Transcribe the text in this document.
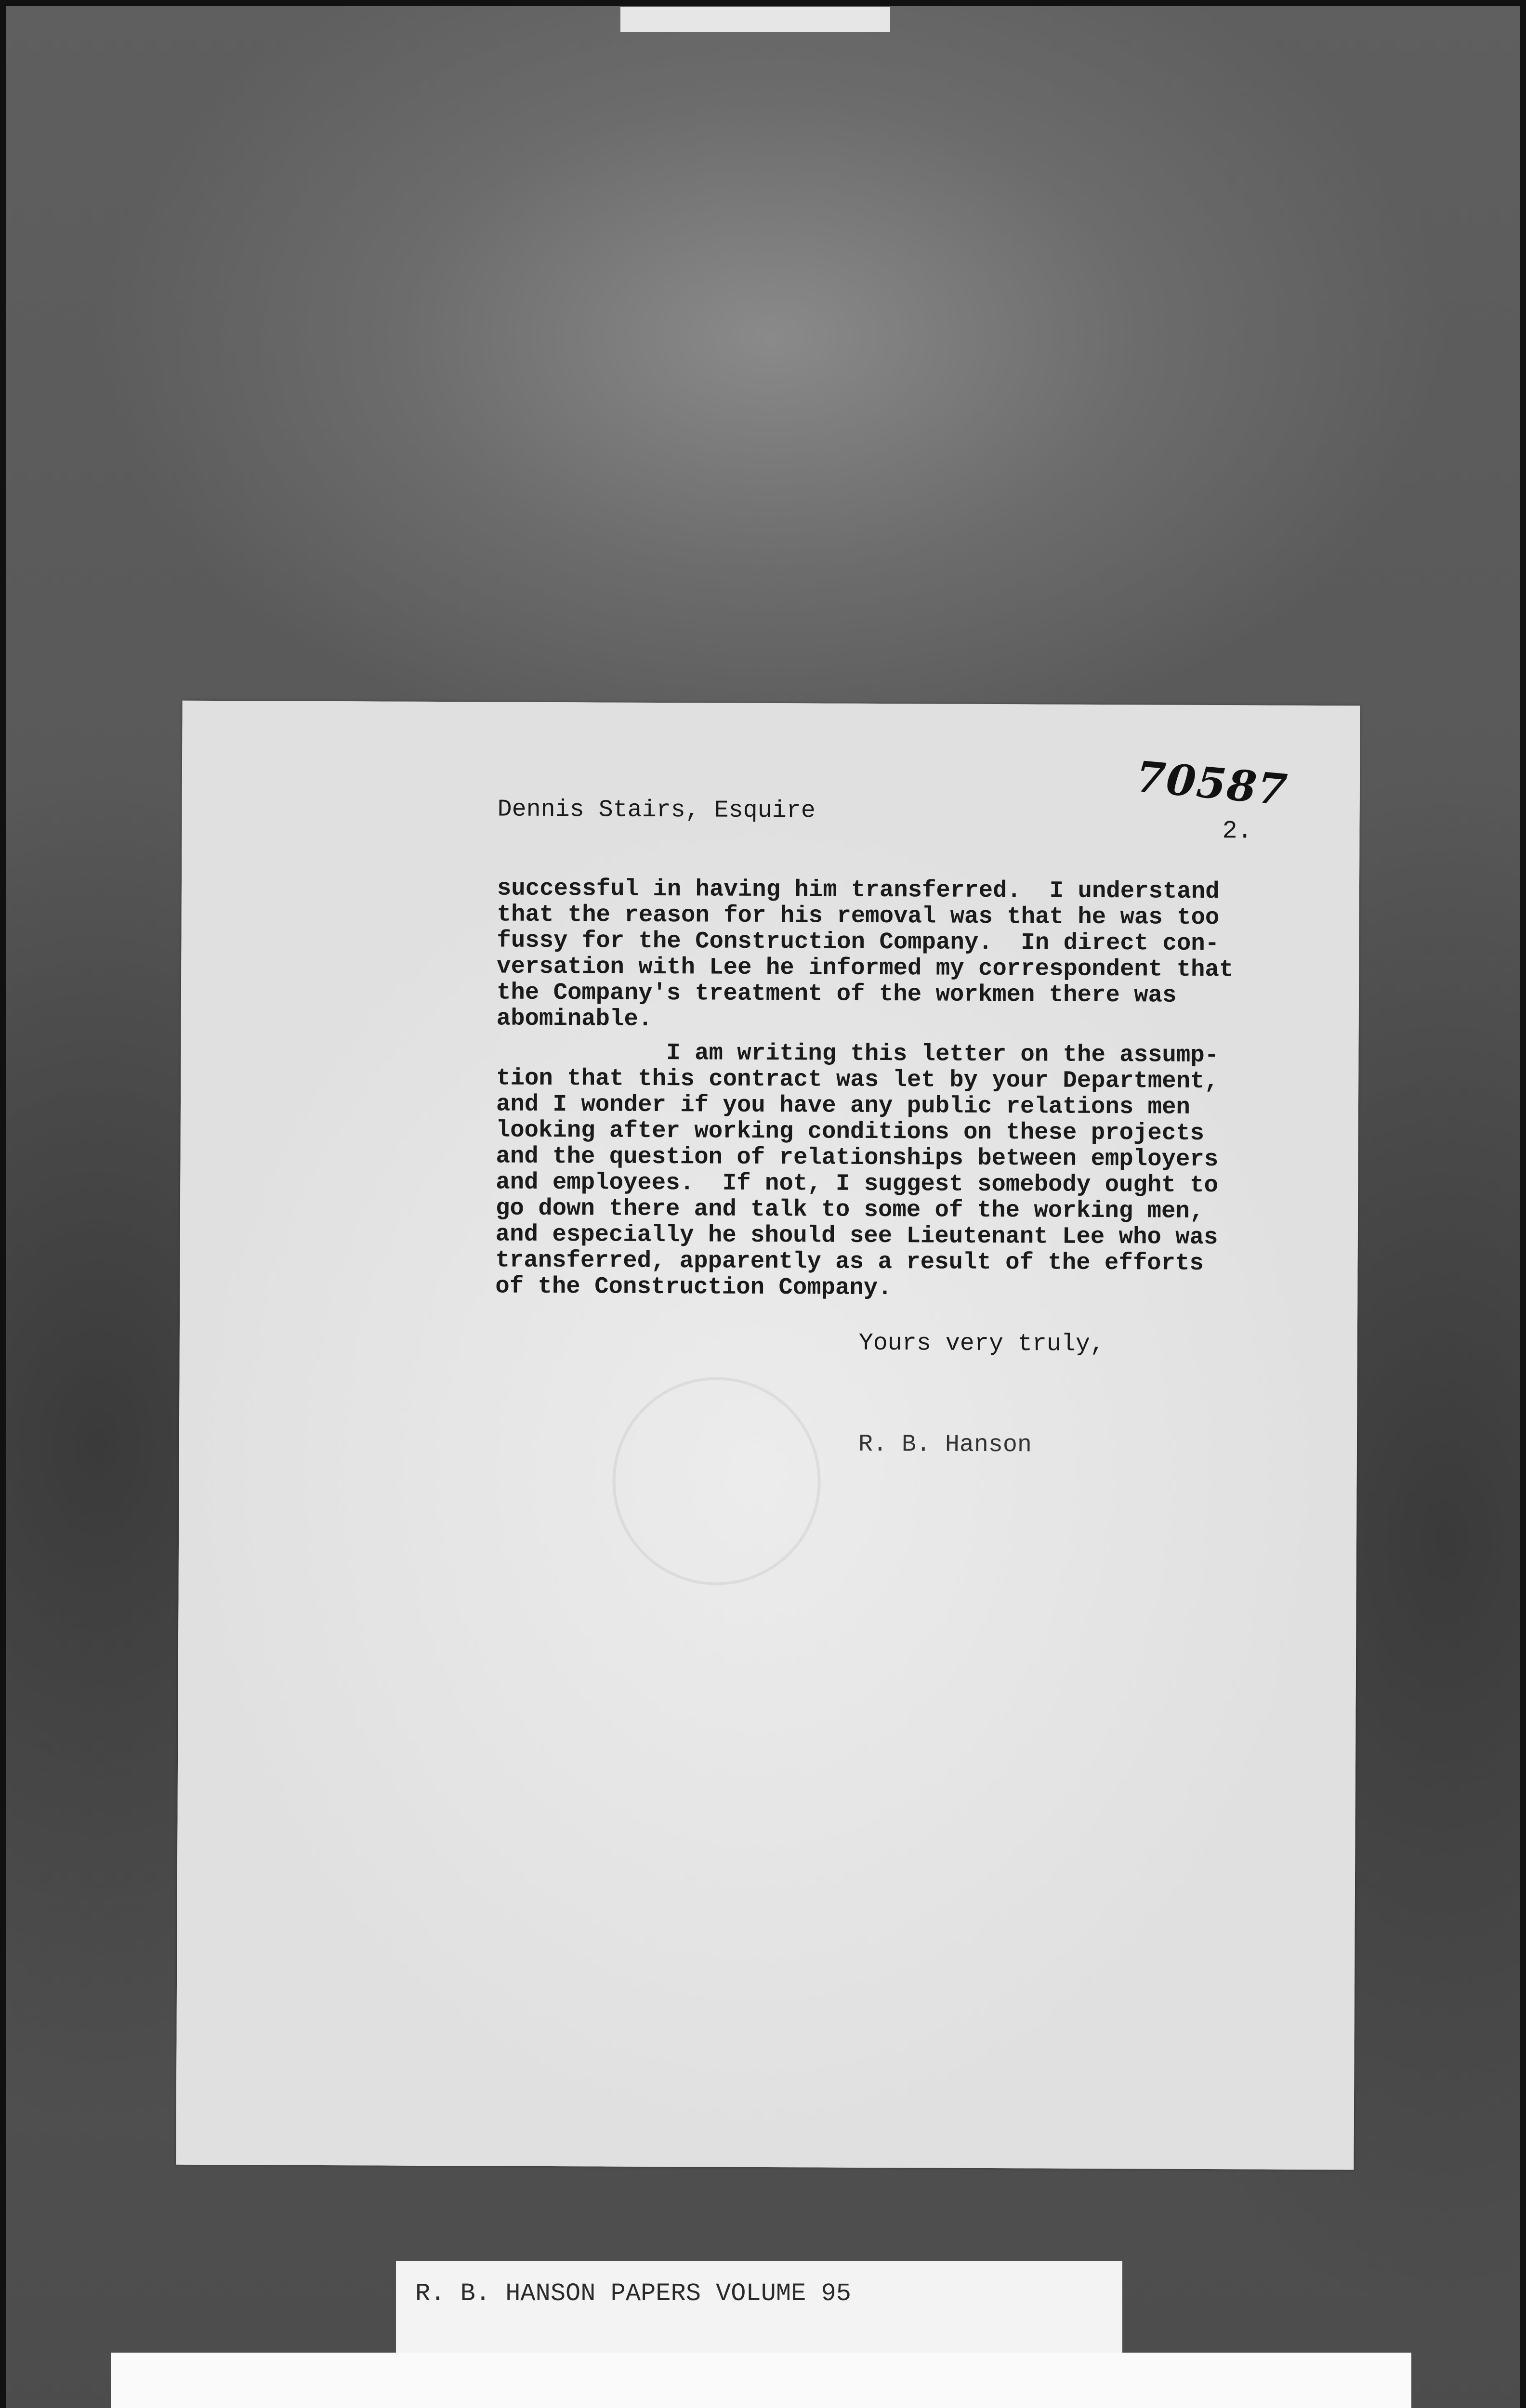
70587
2.
Dennis Stairs, Esquire
successful in having him transferred.  I understand
that the reason for his removal was that he was too
fussy for the Construction Company.  In direct con-
versation with Lee he informed my correspondent that
the Company's treatment of the workmen there was
abominable.
I am writing this letter on the assump-
tion that this contract was let by your Department,
and I wonder if you have any public relations men
looking after working conditions on these projects
and the question of relationships between employers
and employees.  If not, I suggest somebody ought to
go down there and talk to some of the working men,
and especially he should see Lieutenant Lee who was
transferred, apparently as a result of the efforts
of the Construction Company.
Yours very truly,
R. B. Hanson
R. B. HANSON PAPERS VOLUME 95
